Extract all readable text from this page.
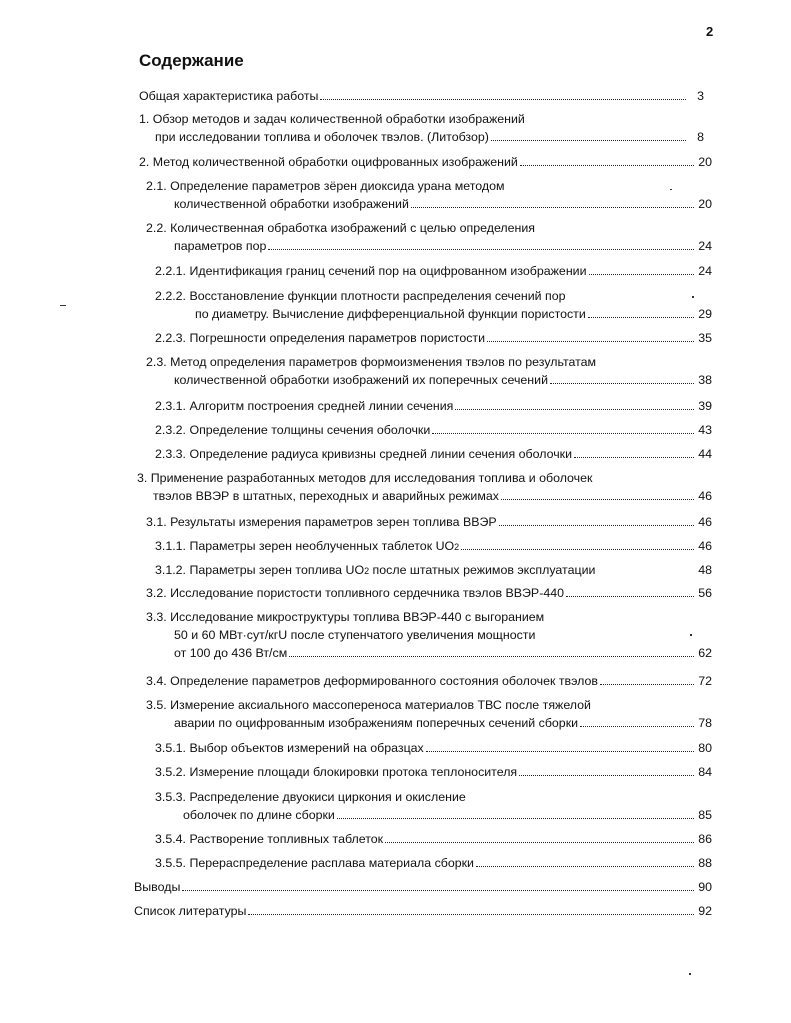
2
Содержание
Общая характеристика работы	3
1. Обзор методов и задач количественной обработки изображений
при исследовании топлива и оболочек твэлов. (Литобзор)	8
2. Метод количественной обработки оцифрованных изображений	20
2.1. Определение параметров зёрен диоксида урана методом
количественной обработки изображений	20
2.2. Количественная обработка изображений с целью определения
параметров пор	24
2.2.1. Идентификация границ сечений пор на оцифрованном изображении	24
2.2.2. Восстановление функции плотности распределения сечений пор
по диаметру. Вычисление дифференциальной функции пористости	29
2.2.3. Погрешности определения параметров пористости	35
2.3. Метод определения параметров формоизменения твэлов по результатам
количественной обработки изображений их поперечных сечений	38
2.3.1. Алгоритм построения средней линии сечения	39
2.3.2. Определение толщины сечения оболочки	43
2.3.3. Определение радиуса кривизны средней линии сечения оболочки	44
3. Применение разработанных методов для исследования топлива и оболочек
твэлов ВВЭР в штатных, переходных и аварийных режимах	46
3.1. Результаты измерения параметров зерен топлива ВВЭР	46
3.1.1. Параметры зерен необлученных таблеток UO 2	46
3.1.2. Параметры зерен топлива UO 2 после штатных режимов эксплуатации	48
3.2. Исследование пористости топливного сердечника твэлов ВВЭР-440	56
3.3. Исследование микроструктуры топлива ВВЭР-440 с выгоранием
50 и 60 МВт·сут/кгU после ступенчатого увеличения мощности
от 100 до 436 Вт/см	62
3.4. Определение параметров деформированного состояния оболочек твэлов	72
3.5. Измерение аксиального массопереноса материалов ТВС после тяжелой
аварии по оцифрованным изображениям поперечных сечений сборки	78
3.5.1. Выбор объектов измерений на образцах	80
3.5.2. Измерение площади блокировки протока теплоносителя	84
3.5.3. Распределение двуокиси циркония и окисление
оболочек по длине сборки	85
3.5.4. Растворение топливных таблеток	86
3.5.5. Перераспределение расплава материала сборки	88
Выводы	90
Список литературы	92
